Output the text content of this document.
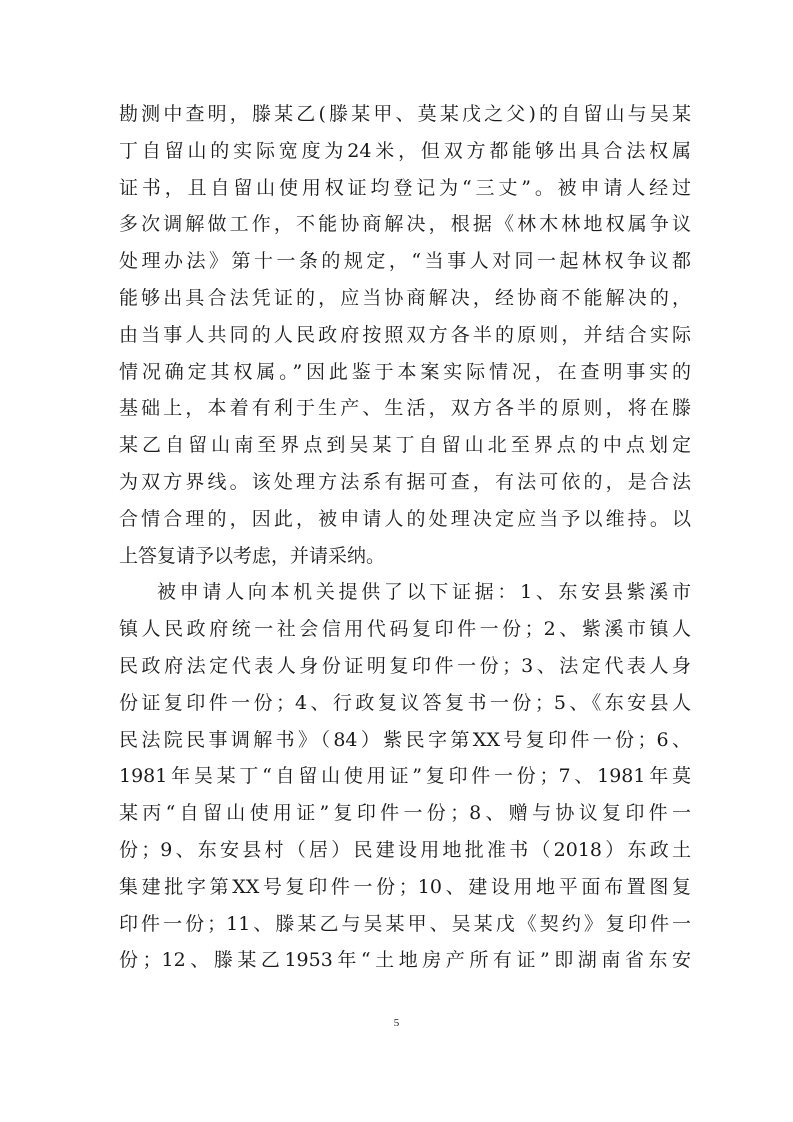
勘测中查明，滕某乙(滕某甲、莫某戊之父)的自留山与吴某
丁自留山的实际宽度为24米，但双方都能够出具合法权属
证书，且自留山使用权证均登记为“三丈”。被申请人经过
多次调解做工作，不能协商解决，根据《林木林地权属争议
处理办法》第十一条的规定，“当事人对同一起林权争议都
能够出具合法凭证的，应当协商解决，经协商不能解决的，
由当事人共同的人民政府按照双方各半的原则，并结合实际
情况确定其权属。”因此鉴于本案实际情况，在查明事实的
基础上，本着有利于生产、生活，双方各半的原则，将在滕
某乙自留山南至界点到吴某丁自留山北至界点的中点划定
为双方界线。该处理方法系有据可查，有法可依的，是合法
合情合理的，因此，被申请人的处理决定应当予以维持。以
上答复请予以考虑，并请采纳。
被申请人向本机关提供了以下证据：1、东安县紫溪市
镇人民政府统一社会信用代码复印件一份；2、紫溪市镇人
民政府法定代表人身份证明复印件一份；3、法定代表人身
份证复印件一份；4、行政复议答复书一份；5、《东安县人
民法院民事调解书》（84）紫民字第XX号复印件一份；6、
1981年吴某丁“自留山使用证”复印件一份；7、1981年莫
某丙“自留山使用证”复印件一份；8、赠与协议复印件一
份；9、东安县村（居）民建设用地批准书（2018）东政土
集建批字第XX号复印件一份；10、建设用地平面布置图复
印件一份；11、滕某乙与吴某甲、吴某戊《契约》复印件一
份；12、滕某乙1953年“土地房产所有证”即湖南省东安
5
